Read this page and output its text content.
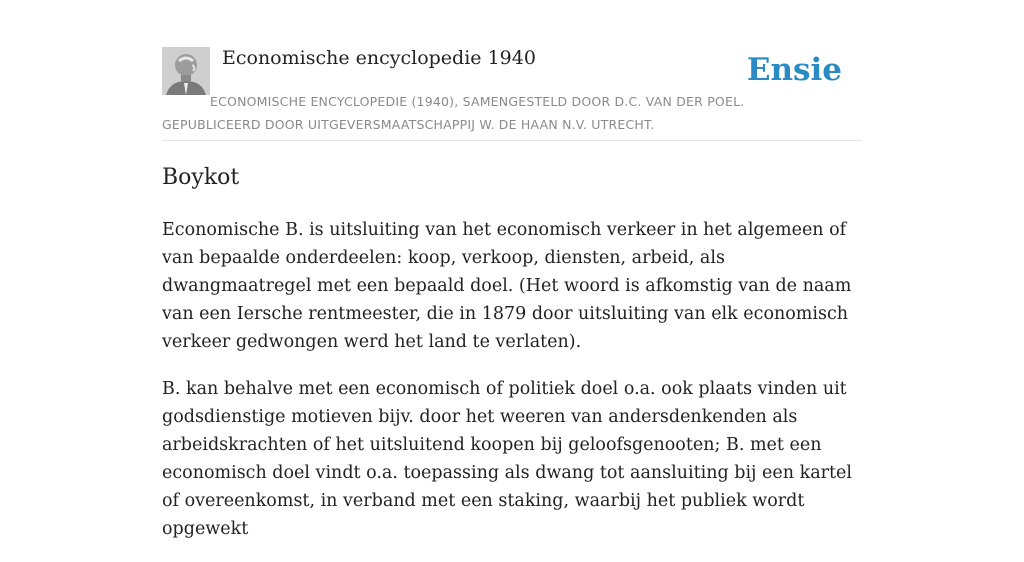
Economische encyclopedie 1940	Ensie
ECONOMISCHE ENCYCLOPEDIE (1940), SAMENGESTELD DOOR D.C. VAN DER POEL. GEPUBLICEERD DOOR UITGEVERSMAATSCHAPPIJ W. DE HAAN N.V. UTRECHT.
Boykot

Economische B. is uitsluiting van het economisch verkeer in het algemeen of van bepaalde onderdeelen: koop, verkoop, diensten, arbeid, als dwangmaatregel met een bepaald doel. (Het woord is afkomstig van de naam van een Iersche rentmeester, die in 1879 door uitsluiting van elk economisch verkeer gedwongen werd het land te verlaten).

B. kan behalve met een economisch of politiek doel o.a. ook plaats vinden uit godsdienstige motieven bijv. door het weeren van andersdenkenden als arbeidskrachten of het uitsluitend koopen bij geloofsgenooten; B. met een economisch doel vindt o.a. toepassing als dwang tot aansluiting bij een kartel of overeenkomst, in verband met een staking, waarbij het publiek wordt opgewekt
